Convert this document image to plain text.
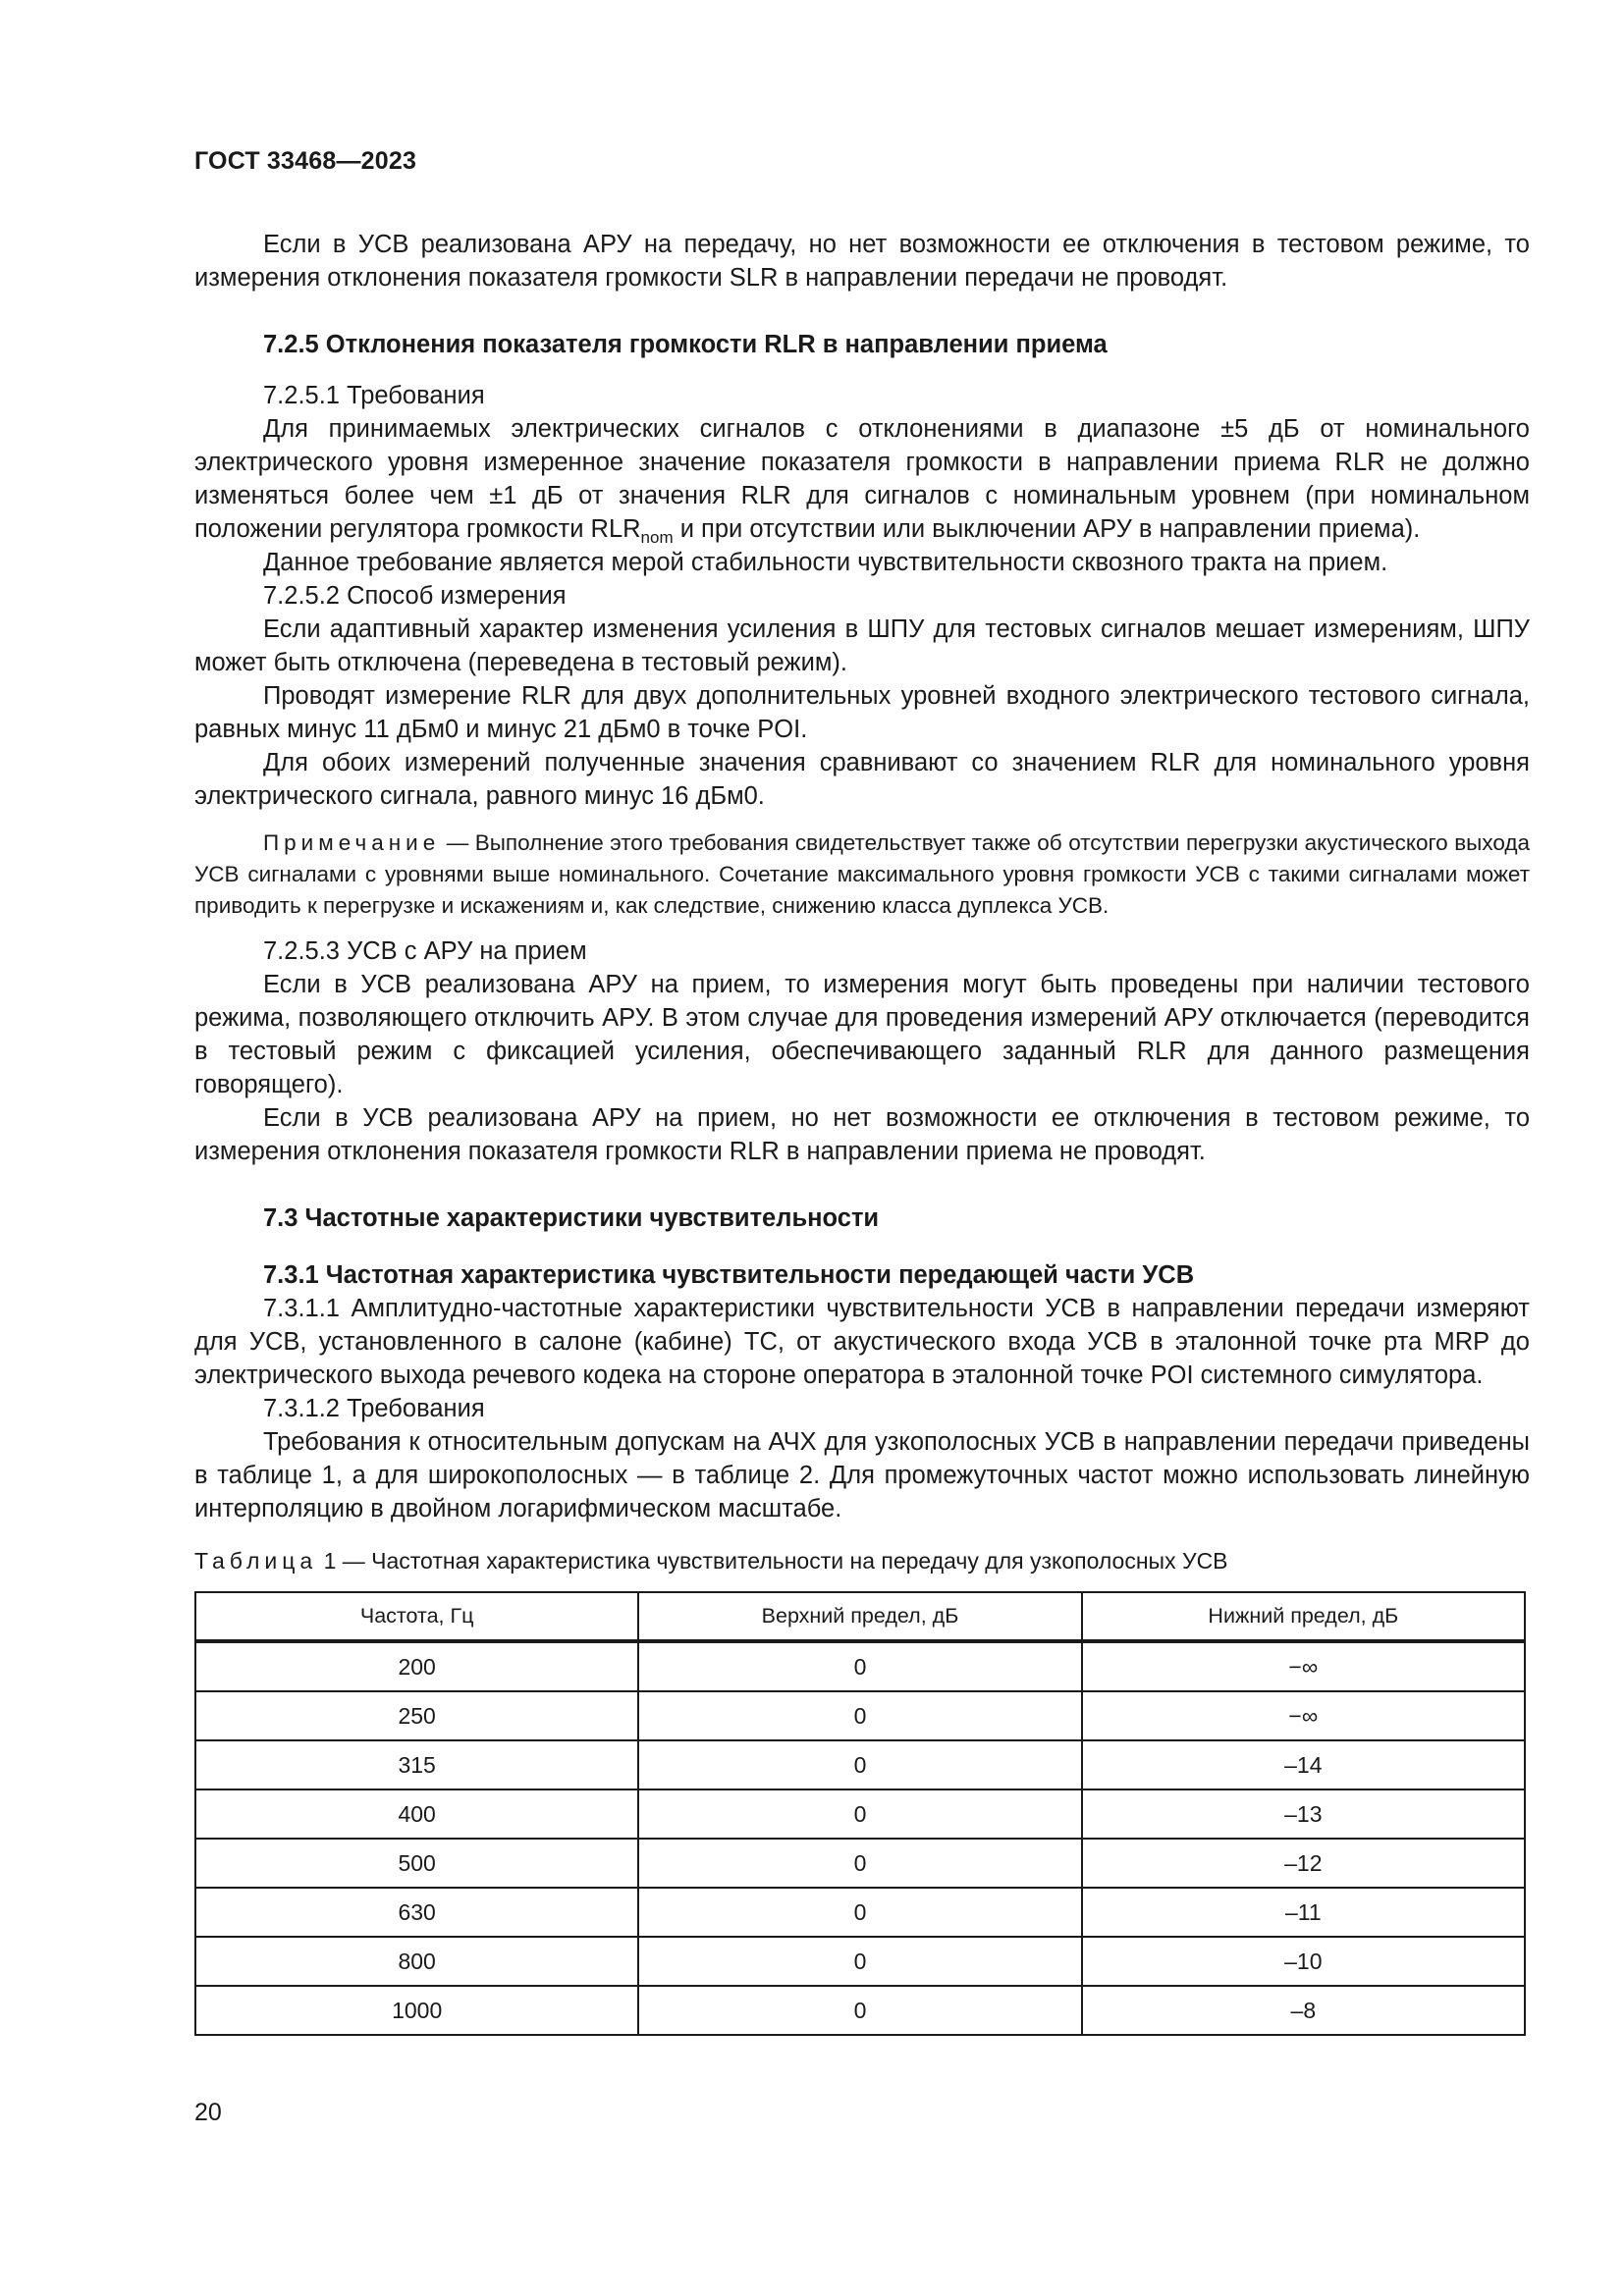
ГОСТ 33468—2023

Если в УСВ реализована АРУ на передачу, но нет возможности ее отключения в тестовом режиме, то измерения отклонения показателя громкости SLR в направлении передачи не проводят.

7.2.5 Отклонения показателя громкости RLR в направлении приема

7.2.5.1 Требования

Для принимаемых электрических сигналов с отклонениями в диапазоне ±5 дБ от номинального электрического уровня измеренное значение показателя громкости в направлении приема RLR не должно изменяться более чем ±1 дБ от значения RLR для сигналов с номинальным уровнем (при номинальном положении регулятора громкости $RLR_{nom}$ и при отсутствии или выключении АРУ в направлении приема).

Данное требование является мерой стабильности чувствительности сквозного тракта на прием.

7.2.5.2 Способ измерения

Если адаптивный характер изменения усиления в ШПУ для тестовых сигналов мешает измерениям, ШПУ может быть отключена (переведена в тестовый режим).

Проводят измерение RLR для двух дополнительных уровней входного электрического тестового сигнала, равных минус 11 дБм0 и минус 21 дБм0 в точке POI.

Для обоих измерений полученные значения сравнивают со значением RLR для номинального уровня электрического сигнала, равного минус 16 дБм0.

Примечание — Выполнение этого требования свидетельствует также об отсутствии перегрузки акустического выхода УСВ сигналами с уровнями выше номинального. Сочетание максимального уровня громкости УСВ с такими сигналами может приводить к перегрузке и искажениям и, как следствие, снижению класса дуплекса УСВ.

7.2.5.3 УСВ с АРУ на прием

Если в УСВ реализована АРУ на прием, то измерения могут быть проведены при наличии тестового режима, позволяющего отключить АРУ. В этом случае для проведения измерений АРУ отключается (переводится в тестовый режим с фиксацией усиления, обеспечивающего заданный RLR для данного размещения говорящего).

Если в УСВ реализована АРУ на прием, но нет возможности ее отключения в тестовом режиме, то измерения отклонения показателя громкости RLR в направлении приема не проводят.

7.3 Частотные характеристики чувствительности
7.3.1 Частотная характеристика чувствительности передающей части УСВ

7.3.1.1 Амплитудно-частотные характеристики чувствительности УСВ в направлении передачи измеряют для УСВ, установленного в салоне (кабине) ТС, от акустического входа УСВ в эталонной точке рта MRP до электрического выхода речевого кодека на стороне оператора в эталонной точке POI системного симулятора.

7.3.1.2 Требования

Требования к относительным допускам на АЧХ для узкополосных УСВ в направлении передачи приведены в таблице 1, а для широкополосных — в таблице 2. Для промежуточных частот можно использовать линейную интерполяцию в двойном логарифмическом масштабе.

Таблица 1 — Частотная характеристика чувствительности на передачу для узкополосных УСВ
Частота, Гц	Верхний предел, дБ	Нижний предел, дБ
200	0	−∞
250	0	−∞
315	0	–14
400	0	–13
500	0	–12
630	0	–11
800	0	–10
1000	0	–8
20
